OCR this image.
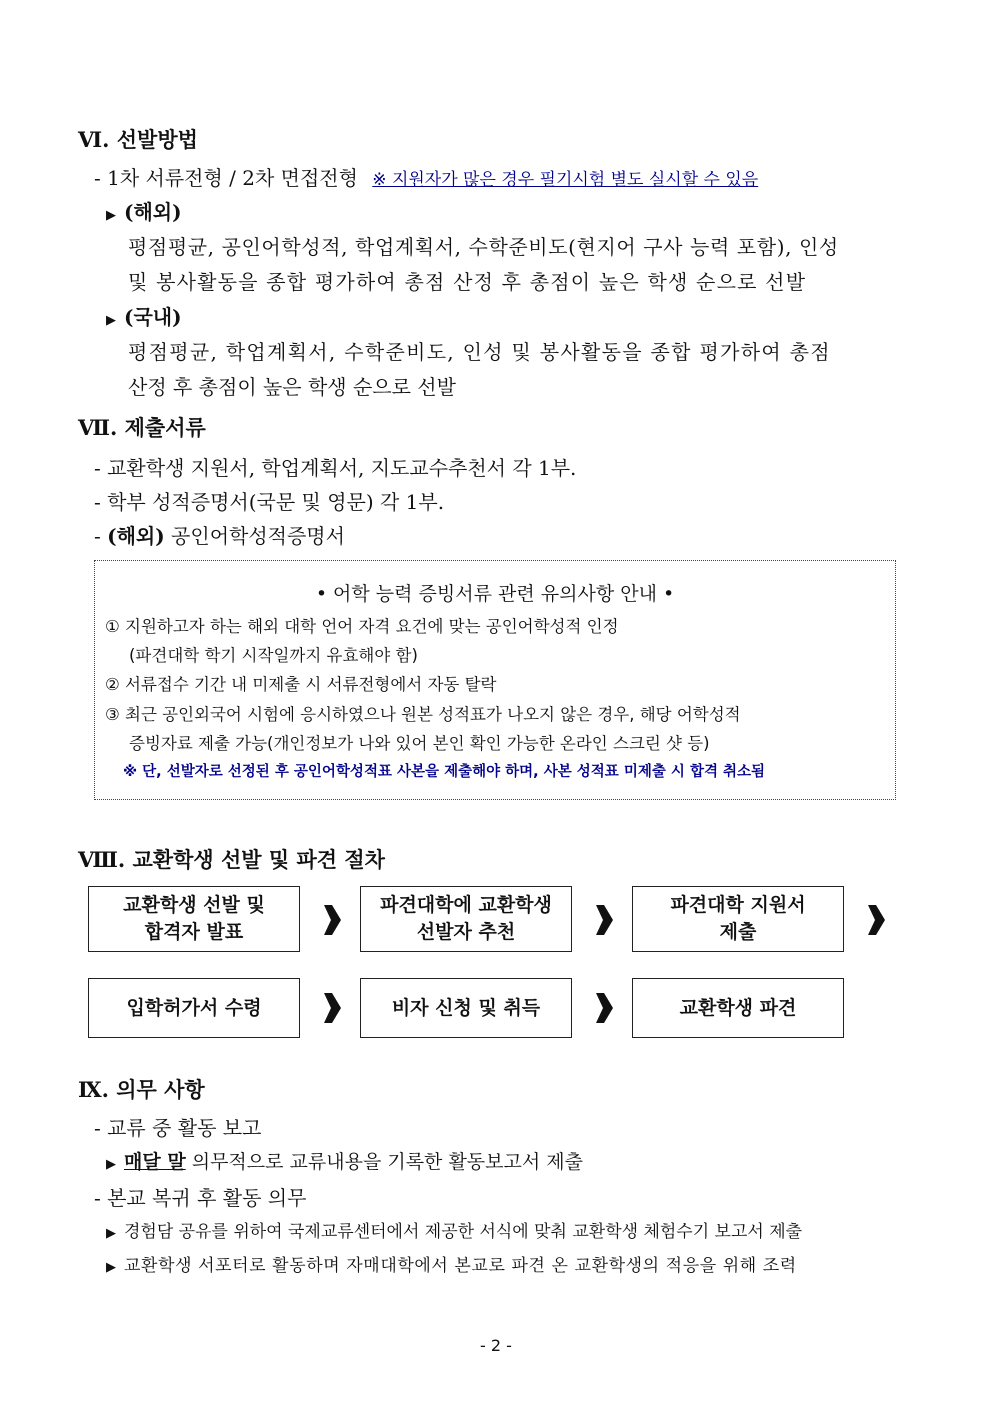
Ⅵ. 선발방법
- 1차 서류전형 / 2차 면접전형 ※ 지원자가 많은 경우 필기시험 별도 실시할 수 있음
▶ (해외)
평점평균, 공인어학성적, 학업계획서, 수학준비도(현지어 구사 능력 포함), 인성
및 봉사활동을 종합 평가하여 총점 산정 후 총점이 높은 학생 순으로 선발
▶ (국내)
평점평균, 학업계획서, 수학준비도, 인성 및 봉사활동을 종합 평가하여 총점
산정 후 총점이 높은 학생 순으로 선발
Ⅶ. 제출서류
- 교환학생 지원서, 학업계획서, 지도교수추천서 각 1부.
- 학부 성적증명서(국문 및 영문) 각 1부.
- (해외) 공인어학성적증명서
• 어학 능력 증빙서류 관련 유의사항 안내 •
① 지원하고자 하는 해외 대학 언어 자격 요건에 맞는 공인어학성적 인정
(파견대학 학기 시작일까지 유효해야 함)
② 서류접수 기간 내 미제출 시 서류전형에서 자동 탈락
③ 최근 공인외국어 시험에 응시하였으나 원본 성적표가 나오지 않은 경우, 해당 어학성적
증빙자료 제출 가능(개인정보가 나와 있어 본인 확인 가능한 온라인 스크린 샷 등)
※ 단, 선발자로 선정된 후 공인어학성적표 사본을 제출해야 하며, 사본 성적표 미제출 시 합격 취소됨
Ⅷ. 교환학생 선발 및 파견 절차
교환학생 선발 및
합격자 발표
파견대학에 교환학생
선발자 추천
파견대학 지원서
제출
입학허가서 수령	비자 신청 및 취득	교환학생 파견
Ⅸ. 의무 사항
- 교류 중 활동 보고
▶ 매달 말 의무적으로 교류내용을 기록한 활동보고서 제출
- 본교 복귀 후 활동 의무
▶ 경험담 공유를 위하여 국제교류센터에서 제공한 서식에 맞춰 교환학생 체험수기 보고서 제출
▶ 교환학생 서포터로 활동하며 자매대학에서 본교로 파견 온 교환학생의 적응을 위해 조력
- 2 -
